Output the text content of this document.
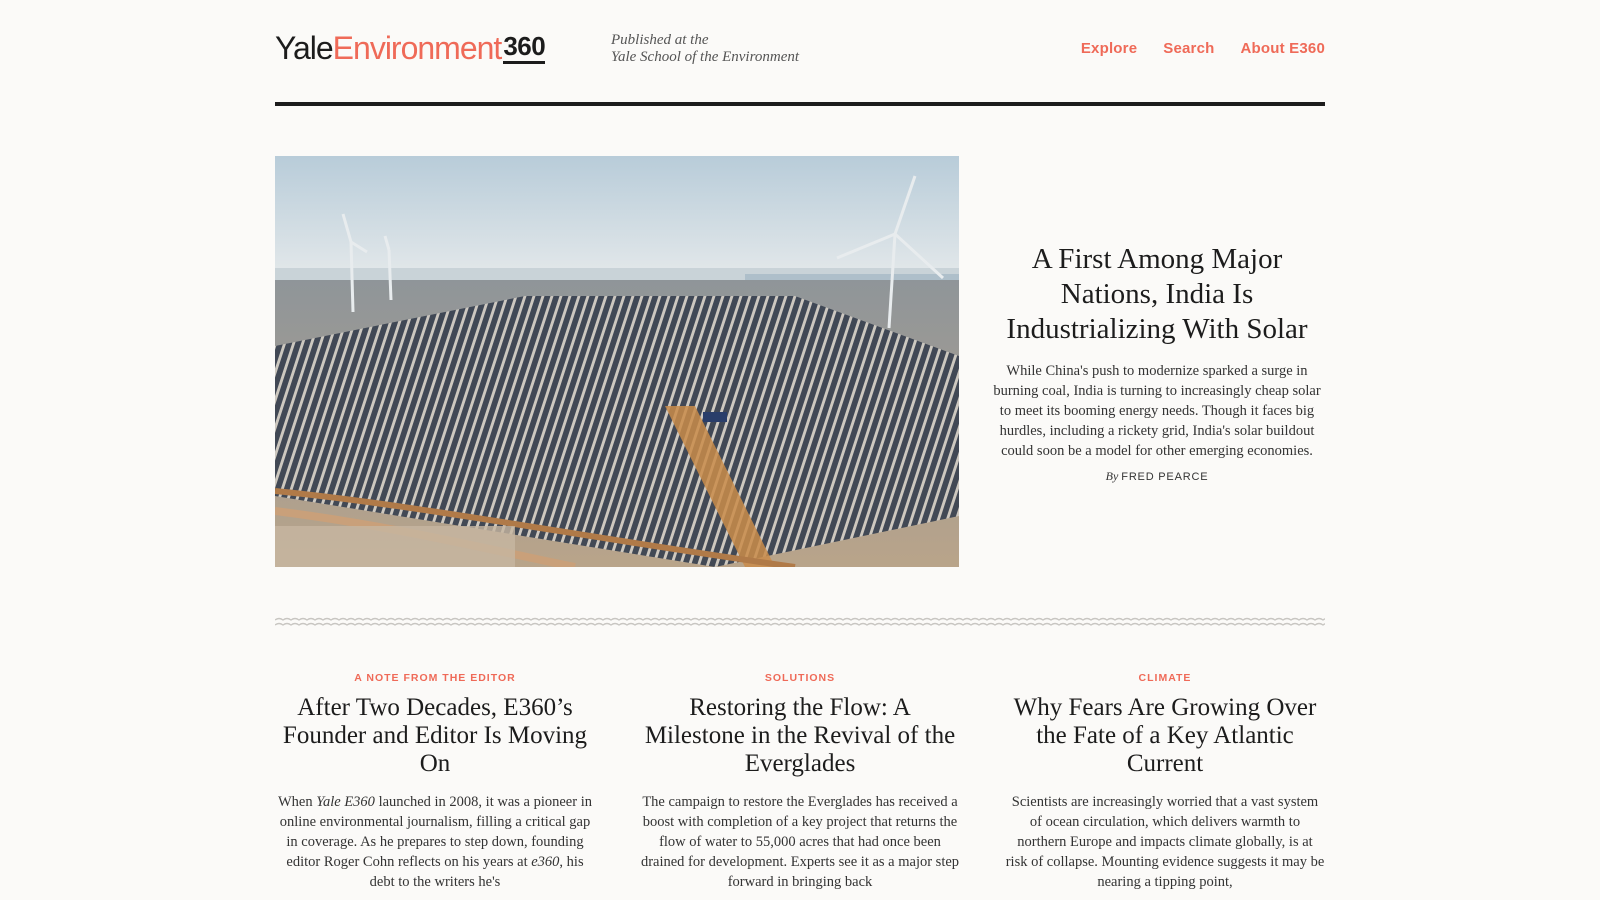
YaleEnvironment360	Published at the
Yale School of the Environment	Explore Search About E360
A First Among Major Nations, India Is Industrializing With Solar

While China's push to modernize sparked a surge in burning coal, India is turning to increasingly cheap solar to meet its booming energy needs. Though it faces big hurdles, including a rickety grid, India's solar buildout could soon be a model for other emerging economies.

By FRED PEARCE
A NOTE FROM THE EDITOR
After Two Decades, E360’s Founder and Editor Is Moving On

When Yale E360 launched in 2008, it was a pioneer in online environmental journalism, filling a critical gap in coverage. As he prepares to step down, founding editor Roger Cohn reflects on his years at e360, his debt to the writers he's

SOLUTIONS
Restoring the Flow: A Milestone in the Revival of the Everglades

The campaign to restore the Everglades has received a boost with completion of a key project that returns the flow of water to 55,000 acres that had once been drained for development. Experts see it as a major step forward in bringing back

CLIMATE
Why Fears Are Growing Over the Fate of a Key Atlantic Current

Scientists are increasingly worried that a vast system of ocean circulation, which delivers warmth to northern Europe and impacts climate globally, is at risk of collapse. Mounting evidence suggests it may be nearing a tipping point,
